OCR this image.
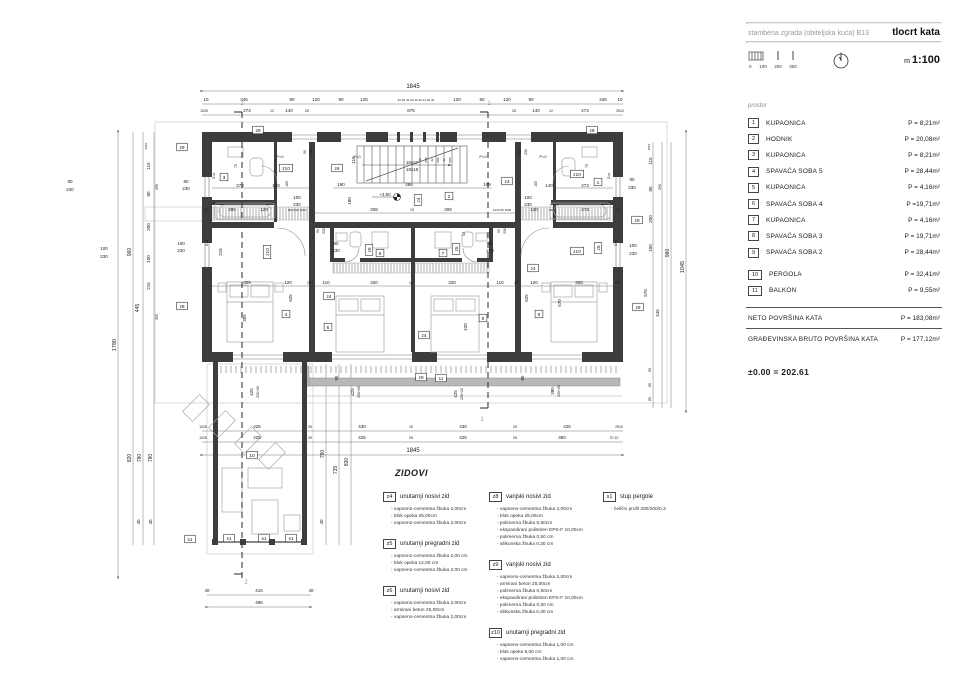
1845
10	345	90	120	90	125	42 20 42 20 42 20 42 20 42	120	90	120	90	345 10
1025	273	12	140	25	875	25	140	12	273	2510
2	1
2
1
273	140	190	486	199	140	273
25	290	120	2510 90 1012	308	15	308	1210 90 1025	120	1527	273	25
P=0	P=0	P=0	P=0
18x27
19x18
+3.50
80
230
100
230
80
230
100
230
80
230
100
230
100
230
100
230
80
230
80
230
305	120	25	110	320	15	320	110	25	120	305	25
1025	425	25	430	15	430	25	425	2510
1025	425	25	425	25	425	25	380	70 10
1845
40	415	40
495
42 580 42 580 42 580
90 230	90 230
90 230	90 230
115
180
75	75
165	165
52
D=d	D=d
D=d	D=d
215
355
625	625
570
420
425 230+20	425 230+20	425 230+20	380 230+20
95	85
1780
960
445
2510
115
80
200
100
215
296
355
820 780 780
40 40
780
735
830
40
2510
115
80
200
100
296
960
570
445
1045
85
85
85
1
2
3
4
5
6
7
8
9
10
11
z9
z9
z9
z9
z8
z8	z8
z6
z10
z10
z10	z10
z4
z4
z4
z4
z4
z5	z5	z5
s1	s1	s1	s1
stambena zgrada (obiteljska kuća) B13 tlocrt kata
0 100 200 300
m 1:100
prostor
1	KUPAONICA	P = 8,21m²
2	HODNIK	P = 20,08m²
3	KUPAONICA	P = 8,21m²
4	SPAVAĆA SOBA 5	P = 28,44m²
5	KUPAONICA	P = 4,16m²
6	SPAVAĆA SOBA 4	P =19,71m²
7	KUPAONICA	P = 4,16m²
8	SPAVAĆA SOBA 3	P = 19,71m²
9	SPAVAĆA SOBA 2	P = 28,44m²
10	PERGOLA	P = 32,41m²
11	BALKON	P = 9,55m²
NETO POVRŠINA KATA	P = 183,08m²
GRAĐEVINSKA BRUTO POVRŠINA KATA	P = 177,12m²
±0.00 = 202.61
ZIDOVI
z4	unutarnji nosivi zid
- vapneno-cementna žbuka 2,00cm
- blok opeka 25,00cm
- vapneno-cementna žbuka 2,00cm
z5	unutarnji pregradni zid
- vapneno-cementna žbuka 2,00 cm
- blok opeka 12,00 cm
- vapneno-cementna žbuka 2,00 cm
z6	unutarnji nosivi zid
- vapneno-cementna žbuka 2,00cm
- armirani beton 25,00cm
- vapneno-cementna žbuka 2,00cm
z8	vanjski nosivi zid
- vapneno-cementna žbuka 2,00cm
- blok opeka 25,00cm
- polimerna žbuka 0,50cm
- ekspandirani polistiren EPS-F 10,00cm
- polimerna žbuka 0,50 cm
- silikonska žbuka 0,30 cm
z9	vanjski nosivi zid
- vapneno-cementna žbuka 2,00cm
- armirani beton 25,00cm
- polimerna žbuka 0,50cm
- ekspandirani polistiren EPS-F 10,00cm
- polimerna žbuka 0,50 cm
- silikonska žbuka 0,30 cm
z10	unutarnji pregradni zid
- vapneno-cementna žbuka 1,00 cm
- blok opeka 8,00 cm
- vapneno-cementna žbuka 1,00 cm
s1	stup pergole
- čelični profil 200/200/0,3
